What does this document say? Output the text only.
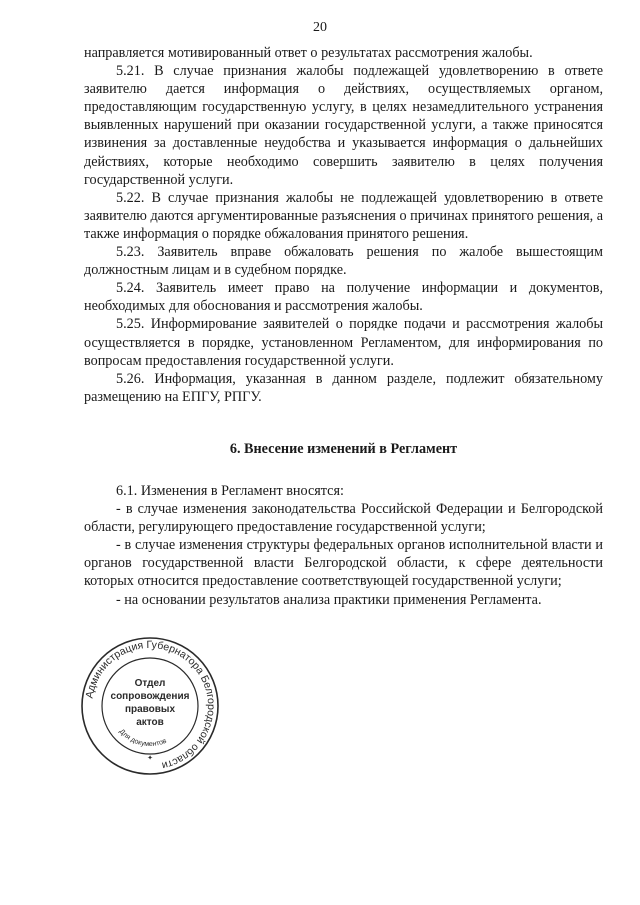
20

направляется мотивированный ответ о результатах рассмотрения жалобы.

5.21. В случае признания жалобы подлежащей удовлетворению в ответе заявителю дается информация о действиях, осуществляемых органом, предоставляющим государственную услугу, в целях незамедлительного устранения выявленных нарушений при оказании государственной услуги, а также приносятся извинения за доставленные неудобства и указывается информация о дальнейших действиях, которые необходимо совершить заявителю в целях получения государственной услуги.

5.22. В случае признания жалобы не подлежащей удовлетворению в ответе заявителю даются аргументированные разъяснения о причинах принятого решения, а также информация о порядке обжалования принятого решения.

5.23. Заявитель вправе обжаловать решения по жалобе вышестоящим должностным лицам и в судебном порядке.

5.24. Заявитель имеет право на получение информации и документов, необходимых для обоснования и рассмотрения жалобы.

5.25. Информирование заявителей о порядке подачи и рассмотрения жалобы осуществляется в порядке, установленном Регламентом, для информирования по вопросам предоставления государственной услуги.

5.26. Информация, указанная в данном разделе, подлежит обязательному размещению на ЕПГУ, РПГУ.

6. Внесение изменений в Регламент

6.1. Изменения в Регламент вносятся:

- в случае изменения законодательства Российской Федерации и Белгородской области, регулирующего предоставление государственной услуги;

- в случае изменения структуры федеральных органов исполнительной власти и органов государственной власти Белгородской области, к сфере деятельности которых относится предоставление соответствующей государственной услуги;

- на основании результатов анализа практики применения Регламента.

Администрация Губернатора Белгородской области
Для документов
Отдел
сопровождения
правовых
актов
✦
